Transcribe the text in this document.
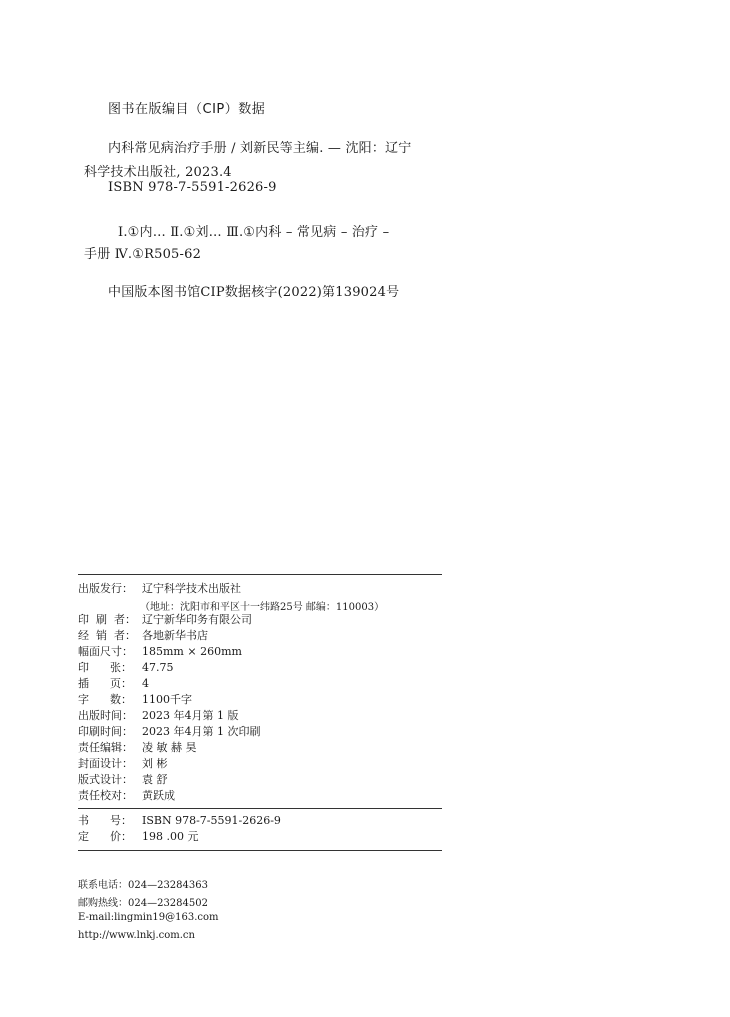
图书在版编目（CIP）数据
内科常见病治疗手册 / 刘新民等主编. — 沈阳：辽宁
科学技术出版社, 2023.4
ISBN 978-7-5591-2626-9
Ⅰ.①内… Ⅱ.①刘… Ⅲ.①内科 – 常见病 – 治疗 –
手册 Ⅳ.①R505-62
中国版本图书馆CIP数据核字(2022)第139024号
出版发行： 辽宁科学技术出版社
（地址：沈阳市和平区十一纬路25号 邮编：110003）
印  刷  者： 辽宁新华印务有限公司
经  销  者： 各地新华书店
幅面尺寸： 185mm × 260mm
印      张： 47.75
插      页： 4
字      数： 1100千字
出版时间： 2023 年4月第 1 版
印刷时间： 2023 年4月第 1 次印刷
责任编辑： 凌 敏 赫 昊
封面设计： 刘 彬
版式设计： 袁 舒
责任校对： 黄跃成
书      号： ISBN 978-7-5591-2626-9
定      价： 198 .00 元
联系电话：024—23284363
邮购热线：024—23284502
E-mail:lingmin19@163.com
http://www.lnkj.com.cn
